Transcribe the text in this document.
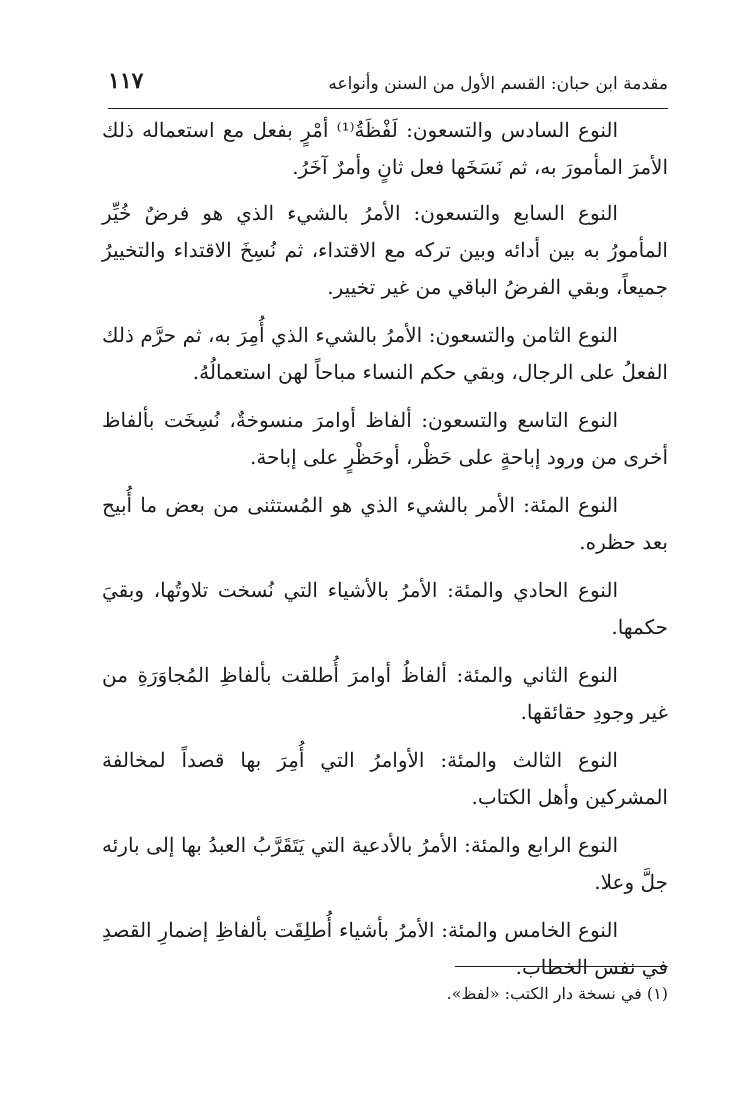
مقدمة ابن حبان: القسم الأول من السنن وأنواعه
١١٧

النوع السادس والتسعون: لَفْظَةُ⁽¹⁾ أمْرٍ بفعل مع استعماله ذلك الأمرَ المأمورَ به، ثم نَسَخَها فعل ثانٍ وأمرٌ آخَرُ.

النوع السابع والتسعون: الأمرُ بالشيء الذي هو فرضٌ خُيِّر المأمورُ به بين أدائه وبين تركه مع الاقتداء، ثم نُسِخَ الاقتداء والتخييرُ جميعاً، وبقي الفرضُ الباقي من غير تخيير.

النوع الثامن والتسعون: الأمرُ بالشيء الذي أُمِرَ به، ثم حرَّم ذلك الفعلُ على الرجال، وبقي حكم النساء مباحاً لهن استعمالُهُ.

النوع التاسع والتسعون: ألفاظ أوامرَ منسوخةٌ، نُسِخَت بألفاظ أخرى من ورود إباحةٍ على حَظْر، أوحَظْرٍ على إباحة.

النوع المئة: الأمر بالشيء الذي هو المُستثنى من بعض ما أُبيح بعد حظره.

النوع الحادي والمئة: الأمرُ بالأشياء التي نُسخت تلاوتُها، وبقيَ حكمها.

النوع الثاني والمئة: ألفاظُ أوامرَ أُطلقت بألفاظِ المُجاوَرَةِ من غير وجودِ حقائقها.

النوع الثالث والمئة: الأوامرُ التي أُمِرَ بها قصداً لمخالفة المشركين وأهل الكتاب.

النوع الرابع والمئة: الأمرُ بالأدعية التي يَتَقَرَّبُ العبدُ بها إلى بارئه جلَّ وعلا.

النوع الخامس والمئة: الأمرُ بأشياء أُطلِقَت بألفاظِ إضمارِ القصدِ في نفس الخطاب.

(١) في نسخة دار الكتب: «لفظ».
